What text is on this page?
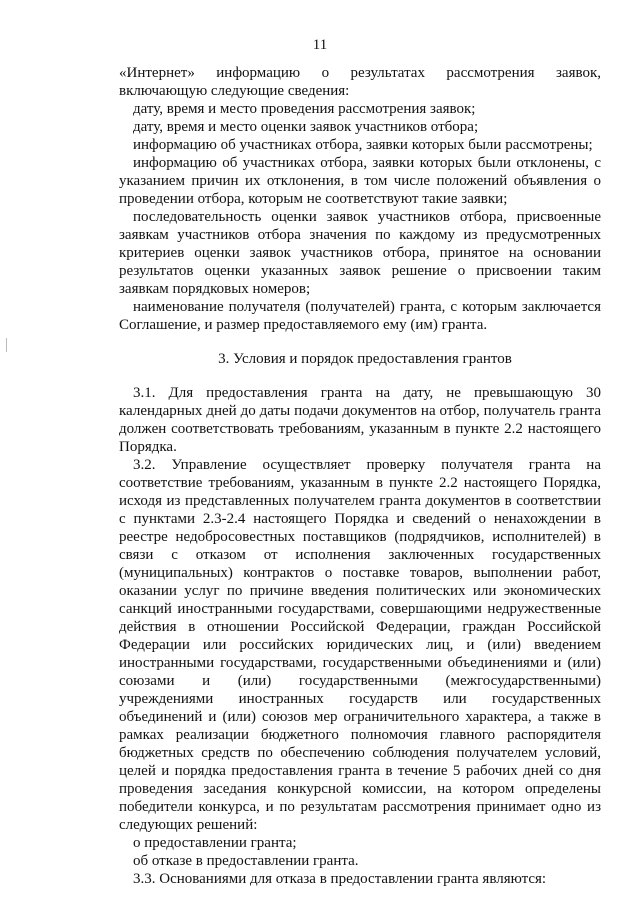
11

«Интернет» информацию о результатах рассмотрения заявок, включающую следующие сведения:

дату, время и место проведения рассмотрения заявок;

дату, время и место оценки заявок участников отбора;

информацию об участниках отбора, заявки которых были рассмотрены;

информацию об участниках отбора, заявки которых были отклонены, с указанием причин их отклонения, в том числе положений объявления о проведении отбора, которым не соответствуют такие заявки;

последовательность оценки заявок участников отбора, присвоенные заявкам участников отбора значения по каждому из предусмотренных критериев оценки заявок участников отбора, принятое на основании результатов оценки указанных заявок решение о присвоении таким заявкам порядковых номеров;

наименование получателя (получателей) гранта, с которым заключается Соглашение, и размер предоставляемого ему (им) гранта.

3. Условия и порядок предоставления грантов

3.1. Для предоставления гранта на дату, не превышающую 30 календарных дней до даты подачи документов на отбор, получатель гранта должен соответствовать требованиям, указанным в пункте 2.2 настоящего Порядка.

3.2. Управление осуществляет проверку получателя гранта на соответствие требованиям, указанным в пункте 2.2 настоящего Порядка, исходя из представленных получателем гранта документов в соответствии с пунктами 2.3-2.4 настоящего Порядка и сведений о ненахождении в реестре недобросовестных поставщиков (подрядчиков, исполнителей) в связи с отказом от исполнения заключенных государственных (муниципальных) контрактов о поставке товаров, выполнении работ, оказании услуг по причине введения политических или экономических санкций иностранными государствами, совершающими недружественные действия в отношении Российской Федерации, граждан Российской Федерации или российских юридических лиц, и (или) введением иностранными государствами, государственными объединениями и (или) союзами и (или) государственными (межгосударственными) учреждениями иностранных государств или государственных объединений и (или) союзов мер ограничительного характера, а также в рамках реализации бюджетного полномочия главного распорядителя бюджетных средств по обеспечению соблюдения получателем условий, целей и порядка предоставления гранта в течение 5 рабочих дней со дня проведения заседания конкурсной комиссии, на котором определены победители конкурса, и по результатам рассмотрения принимает одно из следующих решений:

о предоставлении гранта;

об отказе в предоставлении гранта.

3.3. Основаниями для отказа в предоставлении гранта являются:
